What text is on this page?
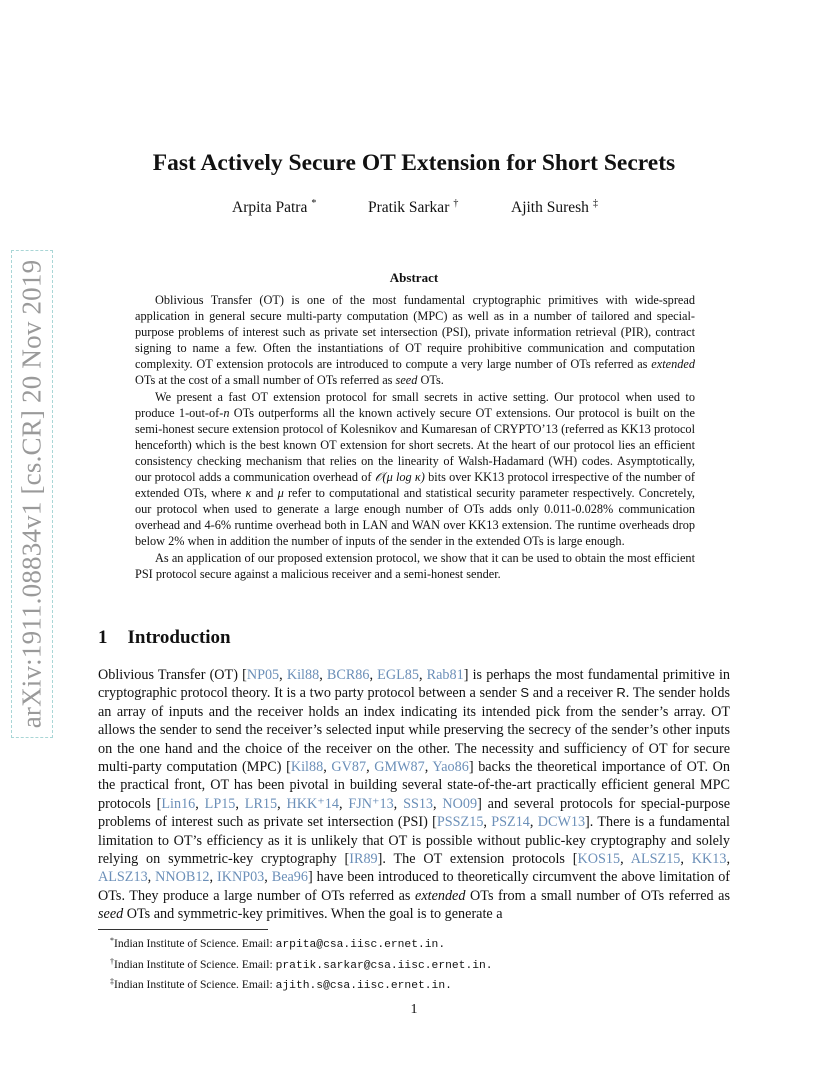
arXiv:1911.08834v1 [cs.CR] 20 Nov 2019
Fast Actively Secure OT Extension for Short Secrets
Arpita Patra *	Pratik Sarkar †	Ajith Suresh ‡
Abstract

Oblivious Transfer (OT) is one of the most fundamental cryptographic primitives with wide-spread application in general secure multi-party computation (MPC) as well as in a number of tailored and special-purpose problems of interest such as private set intersection (PSI), private information retrieval (PIR), contract signing to name a few. Often the instantiations of OT require prohibitive communication and computation complexity. OT extension protocols are introduced to compute a very large number of OTs referred as extended OTs at the cost of a small number of OTs referred as seed OTs.

We present a fast OT extension protocol for small secrets in active setting. Our protocol when used to produce 1-out-of-n OTs outperforms all the known actively secure OT extensions. Our protocol is built on the semi-honest secure extension protocol of Kolesnikov and Kumaresan of CRYPTO’13 (referred as KK13 protocol henceforth) which is the best known OT extension for short secrets. At the heart of our protocol lies an efficient consistency checking mechanism that relies on the linearity of Walsh-Hadamard (WH) codes. Asymptotically, our protocol adds a communication overhead of 𝒪(μ log κ) bits over KK13 protocol irrespective of the number of extended OTs, where κ and μ refer to computational and statistical security parameter respectively. Concretely, our protocol when used to generate a large enough number of OTs adds only 0.011-0.028% communication overhead and 4-6% runtime overhead both in LAN and WAN over KK13 extension. The runtime overheads drop below 2% when in addition the number of inputs of the sender in the extended OTs is large enough.

As an application of our proposed extension protocol, we show that it can be used to obtain the most efficient PSI protocol secure against a malicious receiver and a semi-honest sender.

1 Introduction

Oblivious Transfer (OT) [NP05, Kil88, BCR86, EGL85, Rab81] is perhaps the most fundamental primitive in cryptographic protocol theory. It is a two party protocol between a sender S and a receiver R. The sender holds an array of inputs and the receiver holds an index indicating its intended pick from the sender’s array. OT allows the sender to send the receiver’s selected input while preserving the secrecy of the sender’s other inputs on the one hand and the choice of the receiver on the other. The necessity and sufficiency of OT for secure multi-party computation (MPC) [Kil88, GV87, GMW87, Yao86] backs the theoretical importance of OT. On the practical front, OT has been pivotal in building several state-of-the-art practically efficient general MPC protocols [Lin16, LP15, LR15, HKK⁺14, FJN⁺13, SS13, NO09] and several protocols for special-purpose problems of interest such as private set intersection (PSI) [PSSZ15, PSZ14, DCW13]. There is a fundamental limitation to OT’s efficiency as it is unlikely that OT is possible without public-key cryptography and solely relying on symmetric-key cryptography [IR89]. The OT extension protocols [KOS15, ALSZ15, KK13, ALSZ13, NNOB12, IKNP03, Bea96] have been introduced to theoretically circumvent the above limitation of OTs. They produce a large number of OTs referred as extended OTs from a small number of OTs referred as seed OTs and symmetric-key primitives. When the goal is to generate a

*Indian Institute of Science. Email: arpita@csa.iisc.ernet.in.
†Indian Institute of Science. Email: pratik.sarkar@csa.iisc.ernet.in.
‡Indian Institute of Science. Email: ajith.s@csa.iisc.ernet.in.
1
